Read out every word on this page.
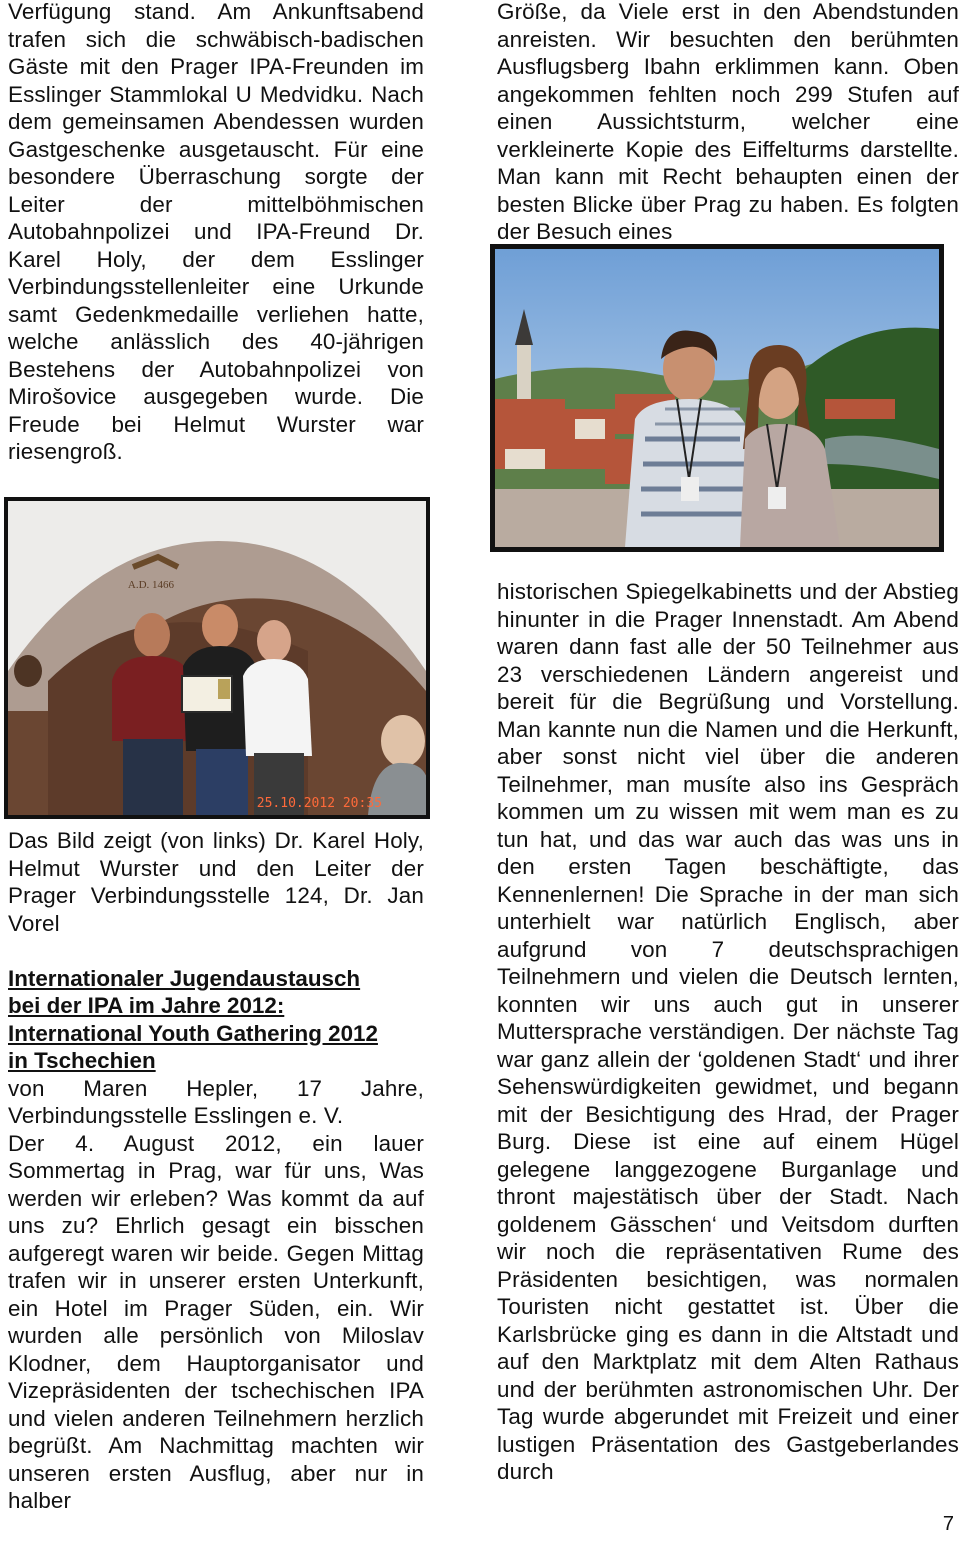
Verfügung stand. Am Ankunftsabend trafen sich die schwäbisch-badischen Gäste mit den Prager IPA-Freunden im Esslinger Stammlokal U Medvidku. Nach dem gemeinsamen Abendessen wurden Gastgeschenke ausgetauscht. Für eine besondere Überraschung sorgte der Leiter der mittelböhmischen Autobahnpolizei und IPA-Freund Dr. Karel Holy, der dem Esslinger Verbindungsstellenleiter eine Urkunde samt Gedenkmedaille verliehen hatte, welche anlässlich des 40-jährigen Bestehens der Autobahnpolizei von Mirošovice ausgegeben wurde. Die Freude bei Helmut Wurster war riesengroß.

Größe, da Viele erst in den Abendstunden anreisten. Wir besuchten den berühmten Ausflugsberg Ibahn erklimmen kann. Oben angekommen fehlten noch 299 Stufen auf einen Aussichtsturm, welcher eine verkleinerte Kopie des Eiffelturms darstellte. Man kann mit Recht behaupten einen der besten Blicke über Prag zu haben. Es folgten der Besuch eines

A.D. 1466
25.10.2012 20:35

Das Bild zeigt (von links) Dr. Karel Holy, Helmut Wurster und den Leiter der Prager Verbindungsstelle 124, Dr. Jan Vorel

Internationaler Jugendaustausch

bei der IPA im Jahre 2012:

International Youth Gathering 2012

in Tschechien

von Maren Hepler, 17 Jahre, Verbindungsstelle Esslingen e. V.

Der 4. August 2012, ein lauer Sommertag in Prag, war für uns, Was werden wir erleben? Was kommt da auf uns zu? Ehrlich gesagt ein bisschen aufgeregt waren wir beide. Gegen Mittag trafen wir in unserer ersten Unterkunft, ein Hotel im Prager Süden, ein. Wir wurden alle persönlich von Miloslav Klodner, dem Hauptorganisator und Vizepräsidenten der tschechischen IPA und vielen anderen Teilnehmern herzlich begrüßt. Am Nachmittag machten wir unseren ersten Ausflug, aber nur in halber

historischen Spiegelkabinetts und der Abstieg hinunter in die Prager Innenstadt. Am Abend waren dann fast alle der 50 Teilnehmer aus 23 verschiedenen Ländern angereist und bereit für die Begrüßung und Vorstellung. Man kannte nun die Namen und die Herkunft, aber sonst nicht viel über die anderen Teilnehmer, man musíte also ins Gespräch kommen um zu wissen mit wem man es zu tun hat, und das war auch das was uns in den ersten Tagen beschäftigte, das Kennenlernen! Die Sprache in der man sich unterhielt war natürlich Englisch, aber aufgrund von 7 deutschsprachigen Teilnehmern und vielen die Deutsch lernten, konnten wir uns auch gut in unserer Muttersprache verständigen. Der nächste Tag war ganz allein der ‘goldenen Stadt‘ und ihrer Sehenswürdigkeiten gewidmet, und begann mit der Besichtigung des Hrad, der Prager Burg. Diese ist eine auf einem Hügel gelegene langgezogene Burganlage und thront majestätisch über der Stadt. Nach goldenem Gässchen‘ und Veitsdom durften wir noch die repräsentativen Rume des Präsidenten besichtigen, was normalen Touristen nicht gestattet ist. Über die Karlsbrücke ging es dann in die Altstadt und auf den Marktplatz mit dem Alten Rathaus und der berühmten astronomischen Uhr. Der Tag wurde abgerundet mit Freizeit und einer lustigen Präsentation des Gastgeberlandes durch

7
